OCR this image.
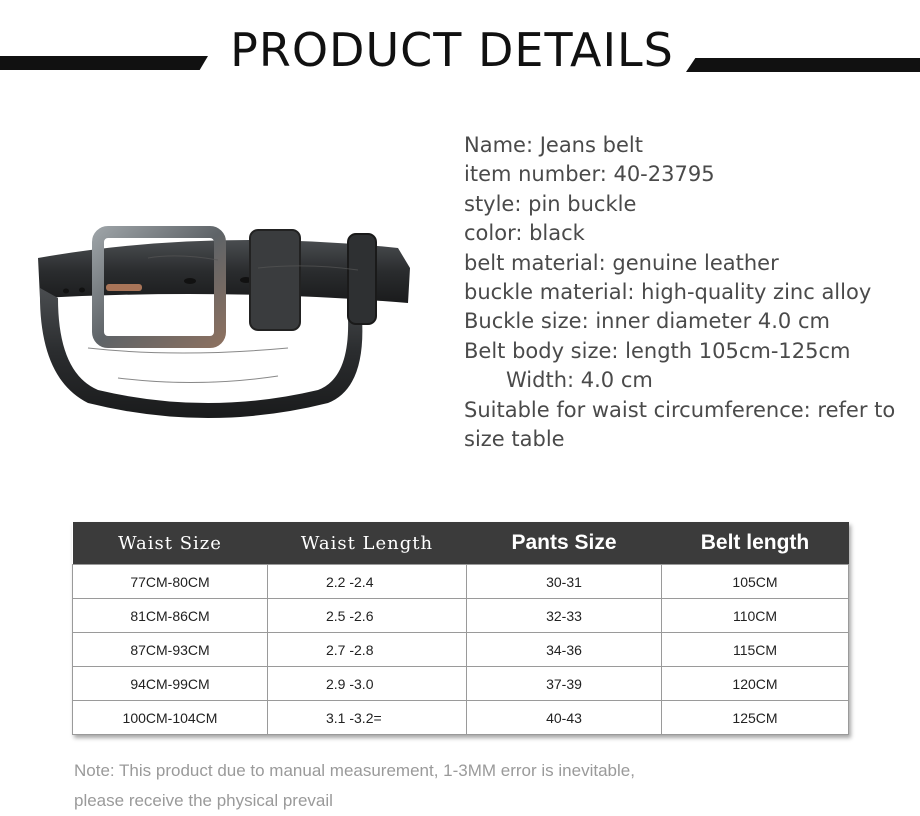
PRODUCT DETAILS
Name: Jeans belt
item number: 40-23795
style: pin buckle
color: black
belt material: genuine leather
buckle material: high-quality zinc alloy
Buckle size: inner diameter 4.0 cm
Belt body size: length 105cm-125cm
Width: 4.0 cm
Suitable for waist circumference: refer to size table
Waist Size	Waist Length	Pants Size	Belt length
77CM-80CM	2.2 -2.4	30-31	105CM
81CM-86CM	2.5 -2.6	32-33	110CM
87CM-93CM	2.7 -2.8	34-36	115CM
94CM-99CM	2.9 -3.0	37-39	120CM
100CM-104CM	3.1 -3.2=	40-43	125CM
Note: This product due to manual measurement, 1-3MM error is inevitable,
please receive the physical prevail
